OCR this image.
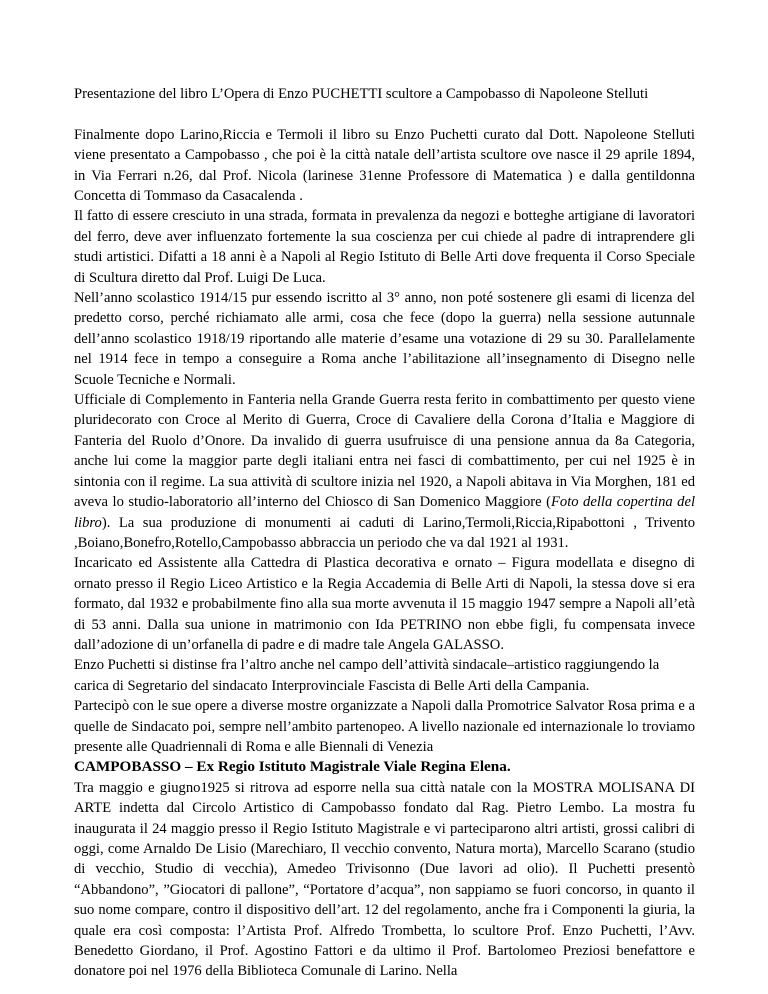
Presentazione del libro L’Opera di Enzo PUCHETTI scultore a Campobasso di Napoleone Stelluti

Finalmente dopo Larino,Riccia e Termoli il libro su Enzo Puchetti curato dal Dott. Napoleone Stelluti viene presentato a Campobasso , che poi è la città natale dell’artista scultore ove nasce il 29 aprile 1894, in Via Ferrari n.26, dal Prof. Nicola (larinese 31enne Professore di Matematica ) e dalla gentildonna Concetta di Tommaso da Casacalenda .

Il fatto di essere cresciuto in una strada, formata in prevalenza da negozi e botteghe artigiane di lavoratori del ferro, deve aver influenzato fortemente la sua coscienza per cui chiede al padre di intraprendere gli studi artistici. Difatti a 18 anni è a Napoli al Regio Istituto di Belle Arti dove frequenta il Corso Speciale di Scultura diretto dal Prof. Luigi De Luca.

Nell’anno scolastico 1914/15 pur essendo iscritto al 3° anno, non poté sostenere gli esami di licenza del predetto corso, perché richiamato alle armi, cosa che fece (dopo la guerra) nella sessione autunnale dell’anno scolastico 1918/19 riportando alle materie d’esame una votazione di 29 su 30. Parallelamente nel 1914 fece in tempo a conseguire a Roma anche l’abilitazione all’insegnamento di Disegno nelle Scuole Tecniche e Normali.

Ufficiale di Complemento in Fanteria nella Grande Guerra resta ferito in combattimento per questo viene pluridecorato con Croce al Merito di Guerra, Croce di Cavaliere della Corona d’Italia e Maggiore di Fanteria del Ruolo d’Onore. Da invalido di guerra usufruisce di una pensione annua da 8a Categoria, anche lui come la maggior parte degli italiani entra nei fasci di combattimento, per cui nel 1925 è in sintonia con il regime. La sua attività di scultore inizia nel 1920, a Napoli abitava in Via Morghen, 181 ed aveva lo studio-laboratorio all’interno del Chiosco di San Domenico Maggiore (Foto della copertina del libro). La sua produzione di monumenti ai caduti di Larino,Termoli,Riccia,Ripabottoni , Trivento ,Boiano,Bonefro,Rotello,Campobasso abbraccia un periodo che va dal 1921 al 1931.

Incaricato ed Assistente alla Cattedra di Plastica decorativa e ornato – Figura modellata e disegno di ornato presso il Regio Liceo Artistico e la Regia Accademia di Belle Arti di Napoli, la stessa dove si era formato, dal 1932 e probabilmente fino alla sua morte avvenuta il 15 maggio 1947 sempre a Napoli all’età di 53 anni. Dalla sua unione in matrimonio con Ida PETRINO non ebbe figli, fu compensata invece dall’adozione di un’orfanella di padre e di madre tale Angela GALASSO.

Enzo Puchetti si distinse fra l’altro anche nel campo dell’attività sindacale–artistico raggiungendo la carica di Segretario del sindacato Interprovinciale Fascista di Belle Arti della Campania.

Partecipò con le sue opere a diverse mostre organizzate a Napoli dalla Promotrice Salvator Rosa prima e a quelle de Sindacato poi, sempre nell’ambito partenopeo. A livello nazionale ed internazionale lo troviamo presente alle Quadriennali di Roma e alle Biennali di Venezia

CAMPOBASSO – Ex Regio Istituto Magistrale Viale Regina Elena.

Tra maggio e giugno1925 si ritrova ad esporre nella sua città natale con la MOSTRA MOLISANA DI ARTE indetta dal Circolo Artistico di Campobasso fondato dal Rag. Pietro Lembo. La mostra fu inaugurata il 24 maggio presso il Regio Istituto Magistrale e vi parteciparono altri artisti, grossi calibri di oggi, come Arnaldo De Lisio (Marechiaro, Il vecchio convento, Natura morta), Marcello Scarano (studio di vecchio, Studio di vecchia), Amedeo Trivisonno (Due lavori ad olio). Il Puchetti presentò “Abbandono”, ”Giocatori di pallone”, “Portatore d’acqua”, non sappiamo se fuori concorso, in quanto il suo nome compare, contro il dispositivo dell’art. 12 del regolamento, anche fra i Componenti la giuria, la quale era così composta: l’Artista Prof. Alfredo Trombetta, lo scultore Prof. Enzo Puchetti, l’Avv. Benedetto Giordano, il Prof. Agostino Fattori e da ultimo il Prof. Bartolomeo Preziosi benefattore e donatore poi nel 1976 della Biblioteca Comunale di Larino. Nella
